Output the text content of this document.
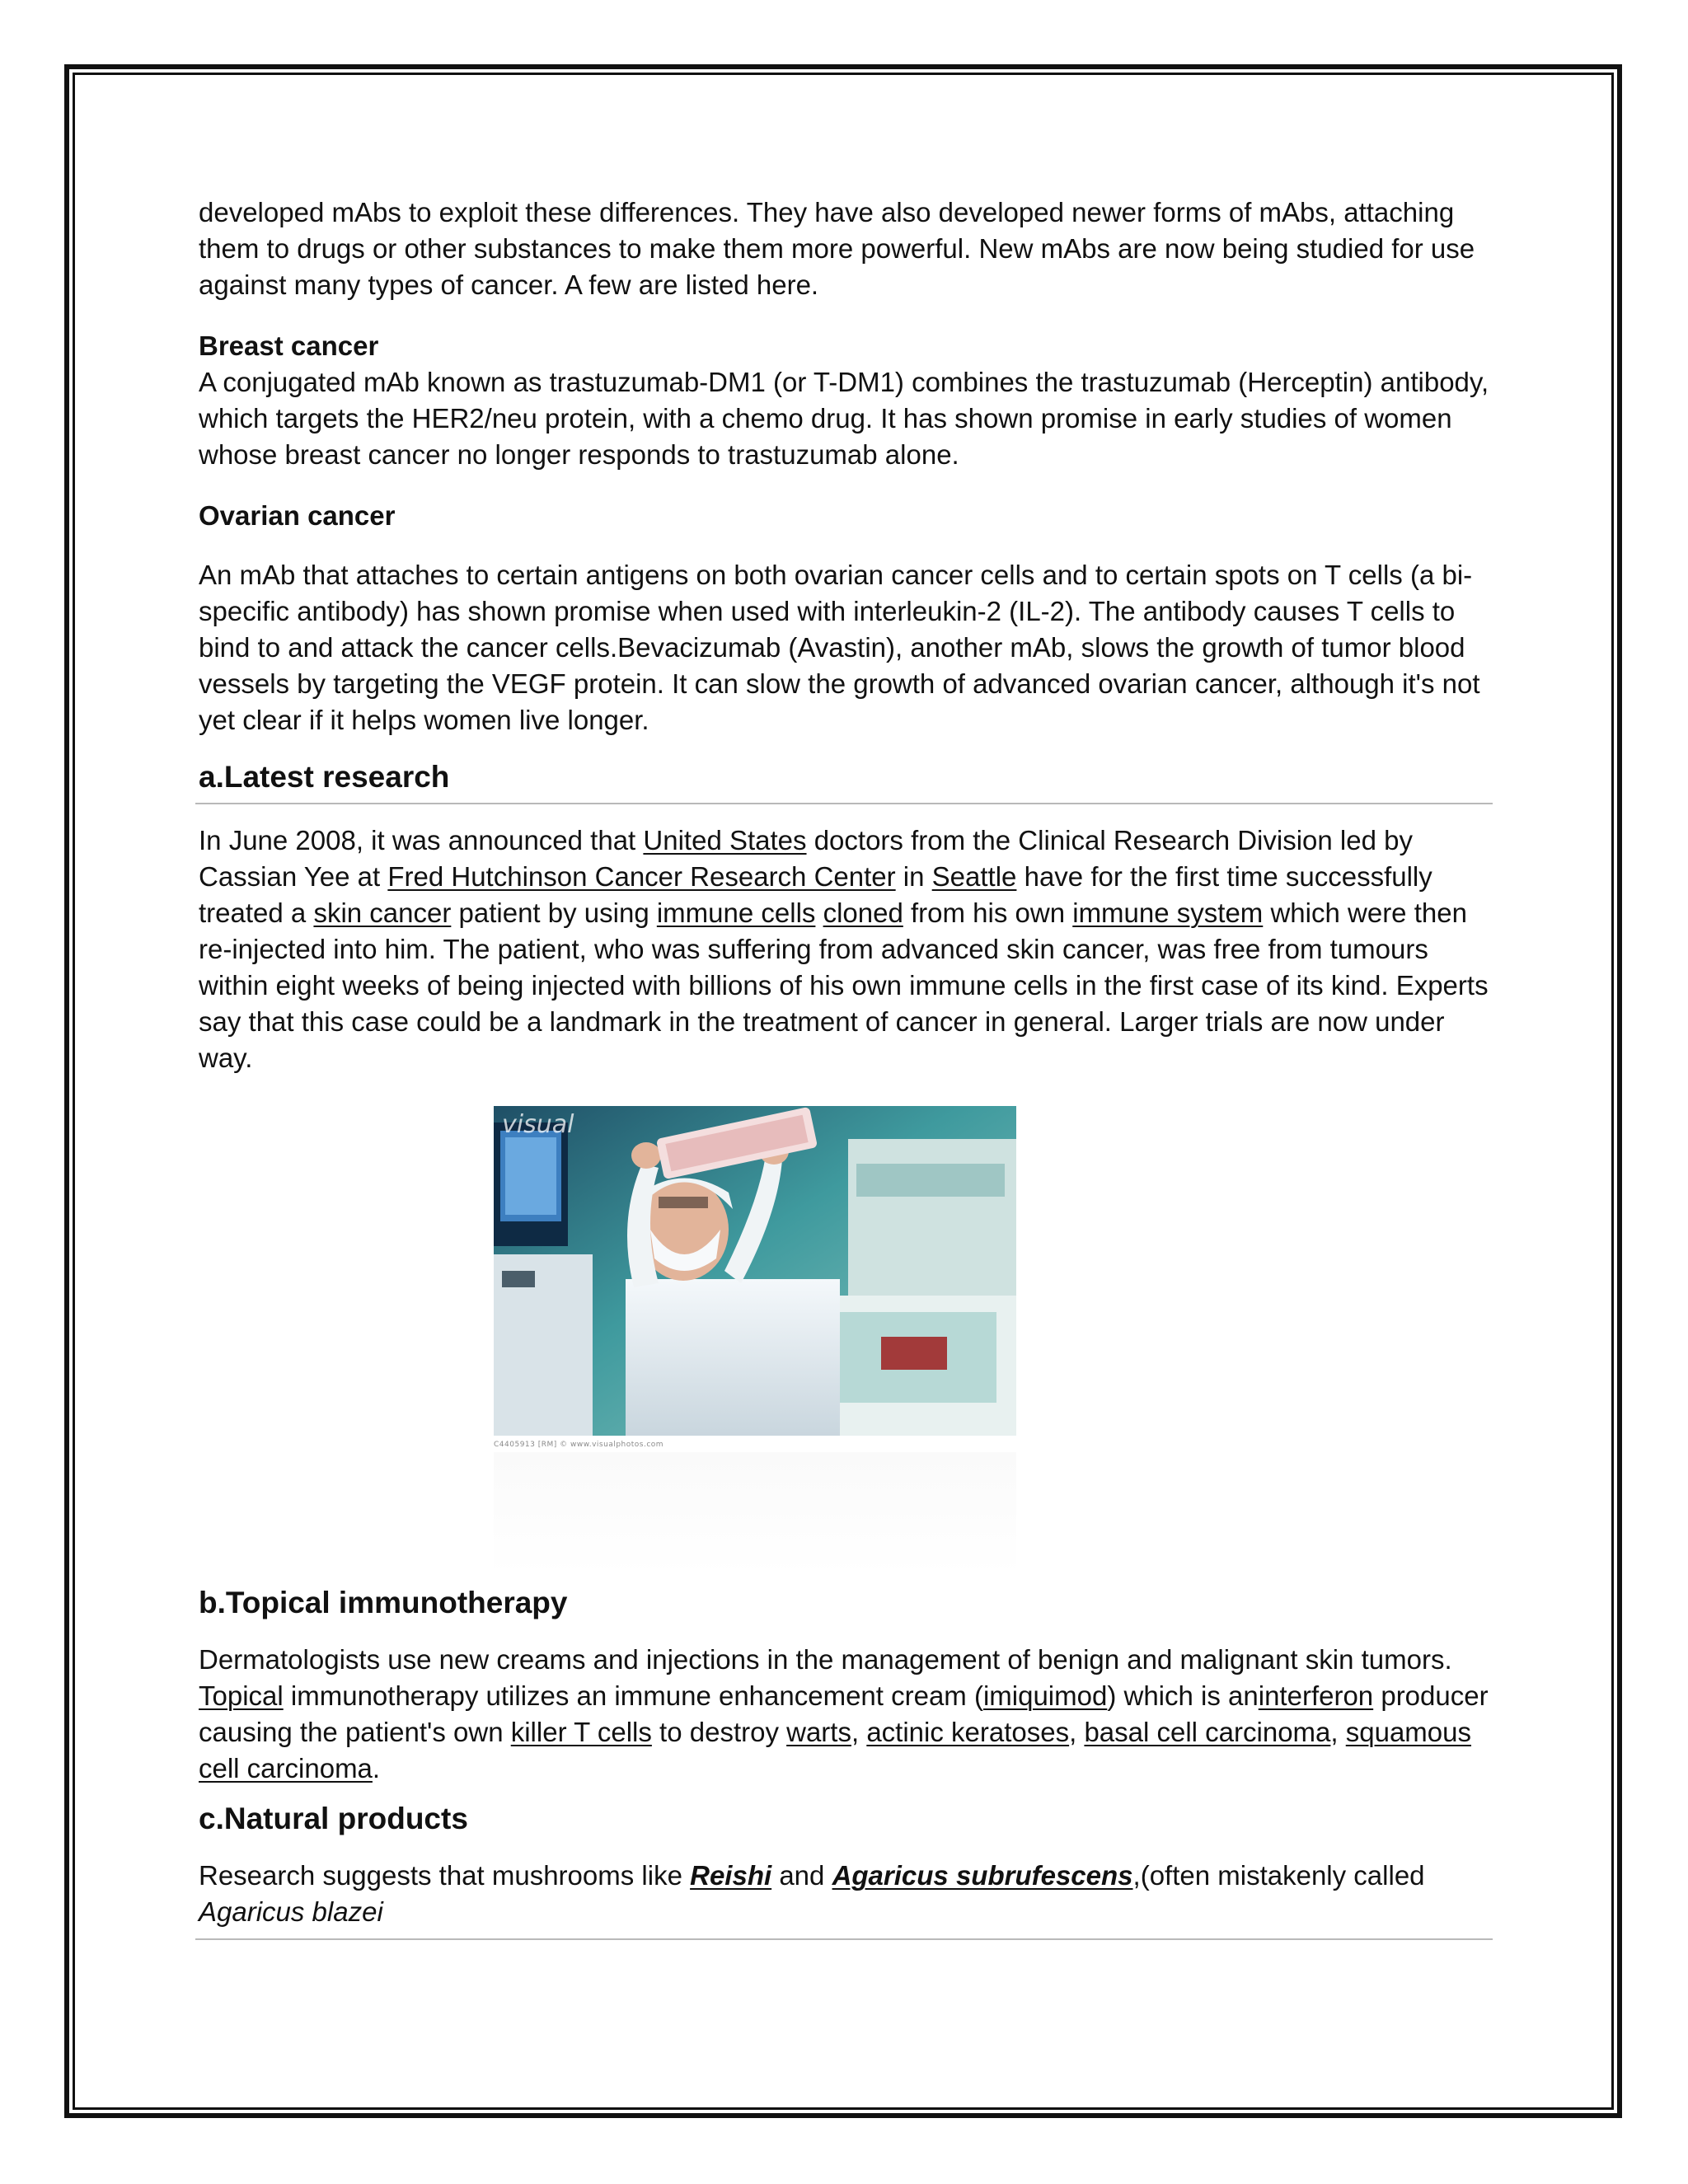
developed mAbs to exploit these differences. They have also developed newer forms of mAbs, attaching them to drugs or other substances to make them more powerful. New mAbs are now being studied for use against many types of cancer. A few are listed here.

Breast cancer

A conjugated mAb known as trastuzumab-DM1 (or T-DM1) combines the trastuzumab (Herceptin) antibody, which targets the HER2/neu protein, with a chemo drug. It has shown promise in early studies of women whose breast cancer no longer responds to trastuzumab alone.

Ovarian cancer

An mAb that attaches to certain antigens on both ovarian cancer cells and to certain spots on T cells (a bi-specific antibody) has shown promise when used with interleukin-2 (IL-2). The antibody causes T cells to bind to and attack the cancer cells.Bevacizumab (Avastin), another mAb, slows the growth of tumor blood vessels by targeting the VEGF protein. It can slow the growth of advanced ovarian cancer, although it's not yet clear if it helps women live longer.

a.Latest research

In June 2008, it was announced that United States doctors from the Clinical Research Division led by Cassian Yee at Fred Hutchinson Cancer Research Center in Seattle have for the first time successfully treated a skin cancer patient by using immune cells cloned from his own immune system which were then re-injected into him. The patient, who was suffering from advanced skin cancer, was free from tumours within eight weeks of being injected with billions of his own immune cells in the first case of its kind. Experts say that this case could be a landmark in the treatment of cancer in general. Larger trials are now under way.

visual
C4405913 [RM] © www.visualphotos.com

b.Topical immunotherapy

Dermatologists use new creams and injections in the management of benign and malignant skin tumors. Topical immunotherapy utilizes an immune enhancement cream (imiquimod) which is aninterferon producer causing the patient's own killer T cells to destroy warts, actinic keratoses, basal cell carcinoma, squamous cell carcinoma.

c.Natural products

Research suggests that mushrooms like Reishi and Agaricus subrufescens,(often mistakenly called
Agaricus blazei
